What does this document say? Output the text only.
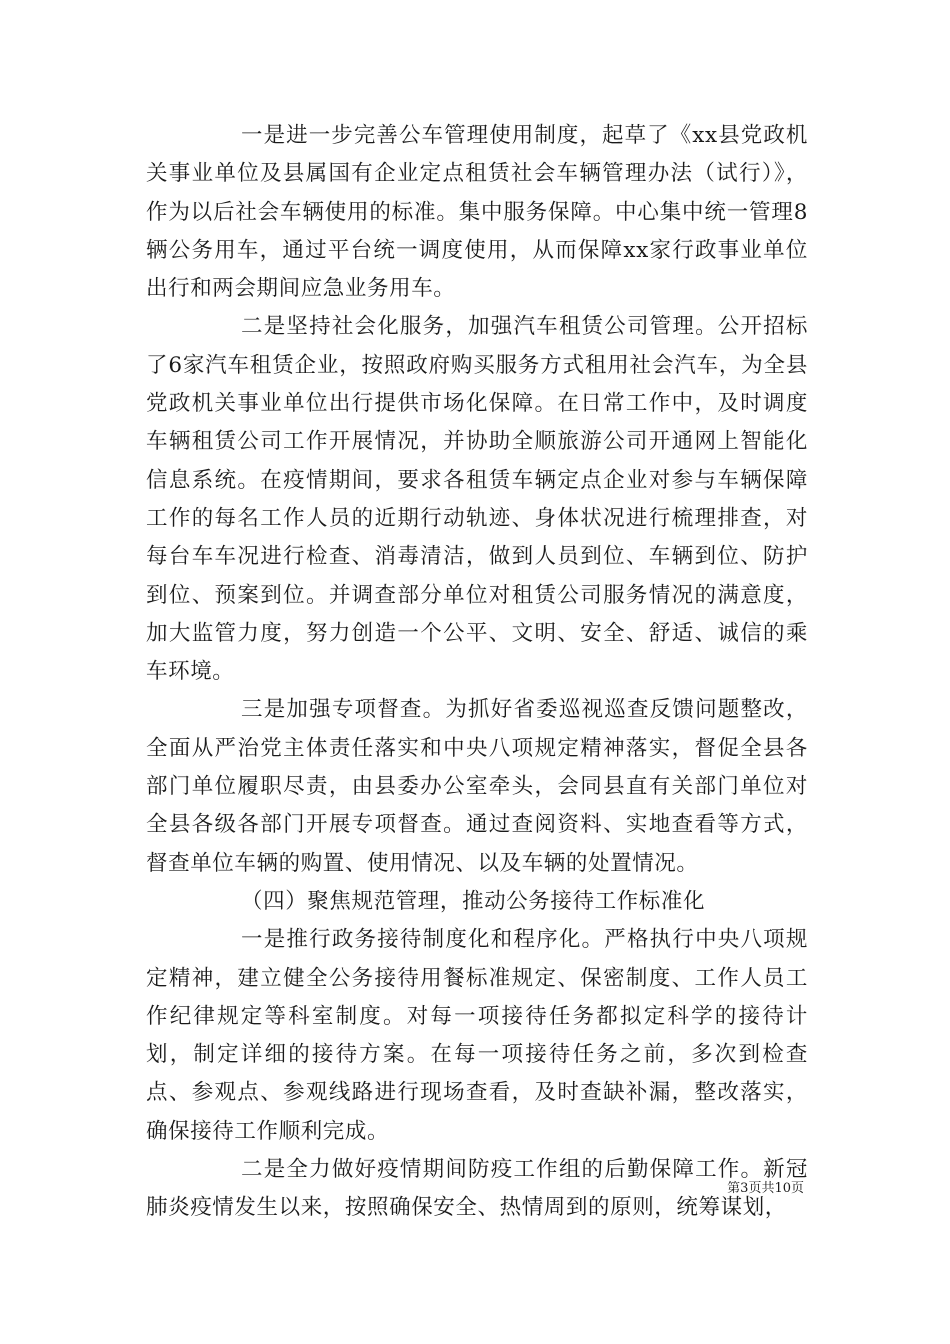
一是进一步完善公车管理使用制度，起草了《xx县党政机关事业单位及县属国有企业定点租赁社会车辆管理办法（试行）》，作为以后社会车辆使用的标准。集中服务保障。中心集中统一管理8辆公务用车，通过平台统一调度使用，从而保障xx家行政事业单位出行和两会期间应急业务用车。

二是坚持社会化服务，加强汽车租赁公司管理。公开招标了6家汽车租赁企业，按照政府购买服务方式租用社会汽车，为全县党政机关事业单位出行提供市场化保障。在日常工作中，及时调度车辆租赁公司工作开展情况，并协助全顺旅游公司开通网上智能化信息系统。在疫情期间，要求各租赁车辆定点企业对参与车辆保障工作的每名工作人员的近期行动轨迹、身体状况进行梳理排查，对每台车车况进行检查、消毒清洁，做到人员到位、车辆到位、防护到位、预案到位。并调查部分单位对租赁公司服务情况的满意度，加大监管力度，努力创造一个公平、文明、安全、舒适、诚信的乘车环境。

三是加强专项督查。为抓好省委巡视巡查反馈问题整改，全面从严治党主体责任落实和中央八项规定精神落实，督促全县各部门单位履职尽责，由县委办公室牵头，会同县直有关部门单位对全县各级各部门开展专项督查。通过查阅资料、实地查看等方式，督查单位车辆的购置、使用情况、以及车辆的处置情况。

（四）聚焦规范管理，推动公务接待工作标准化

一是推行政务接待制度化和程序化。严格执行中央八项规定精神，建立健全公务接待用餐标准规定、保密制度、工作人员工作纪律规定等科室制度。对每一项接待任务都拟定科学的接待计划，制定详细的接待方案。在每一项接待任务之前，多次到检查点、参观点、参观线路进行现场查看，及时查缺补漏，整改落实，确保接待工作顺利完成。

二是全力做好疫情期间防疫工作组的后勤保障工作。新冠肺炎疫情发生以来，按照确保安全、热情周到的原则，统筹谋划，

第3页共10页
